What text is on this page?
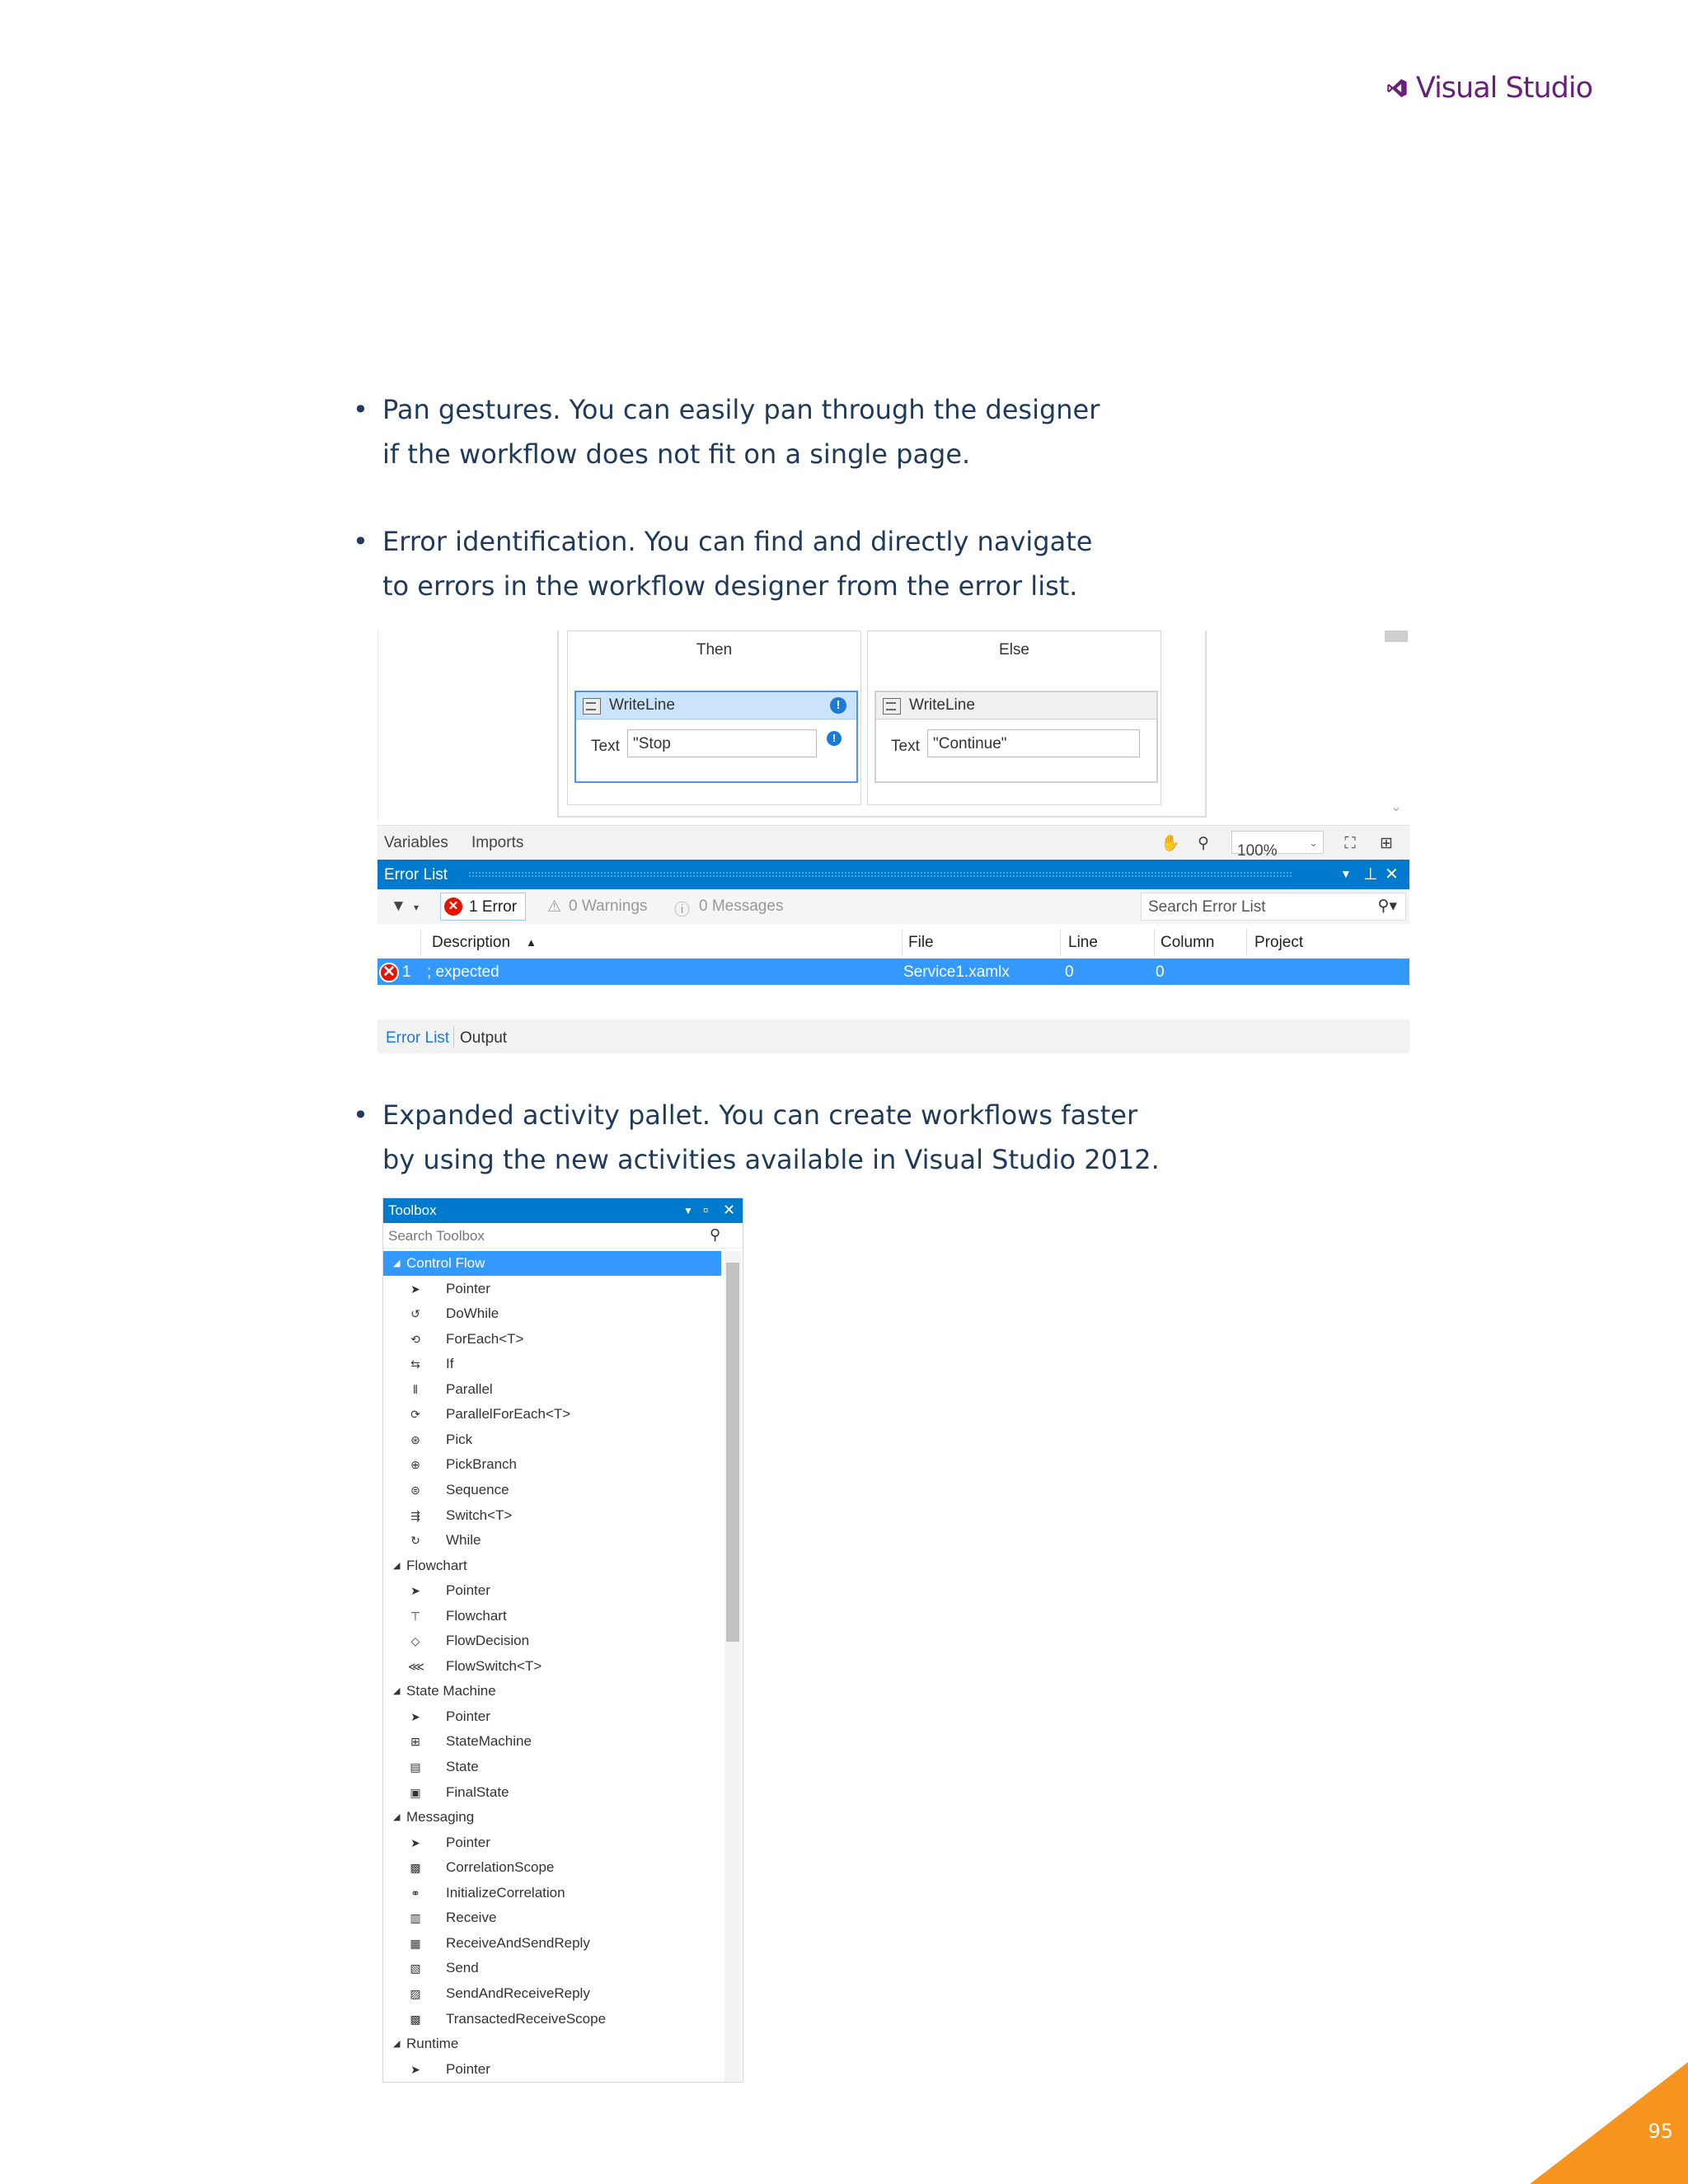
Visual Studio
• Pan gestures. You can easily pan through the designer
if the workflow does not fit on a single page.
• Error identification. You can find and directly navigate
to errors in the workflow designer from the error list.
Then
WriteLine	!
Text "Stop	!
Else
WriteLine
Text "Continue"
⌄
Variables Imports	✋ ⚲ 100%	⌄ ⛶ ⊞
Error List	▼ ⊥ ✕
▼ ▾	✕ 1 Error ⚠ 0 Warnings ⓘ 0 Messages	Search Error List	⚲▾
Description ▲	File	Line	Column	Project
✕ 1 ; expected	Service1.xamlx	0	0
Error List Output
• Expanded activity pallet. You can create workflows faster
by using the new activities available in Visual Studio 2012.
Toolbox	▼ ▫ ✕
Search Toolbox	⚲
◢ Control Flow
➤ Pointer
↺ DoWhile
⟲ ForEach<T>
⇆ If
⫴	Parallel
⟳ ParallelForEach<T>
⊛ Pick
⊕ PickBranch
⊜ Sequence
⇶ Switch<T>
↻ While
◢ Flowchart
➤ Pointer
⊤ Flowchart
◇ FlowDecision
⋘ FlowSwitch<T>
◢ State Machine
➤ Pointer
⊞ StateMachine
▤ State
▣ FinalState
◢ Messaging
➤ Pointer
▩ CorrelationScope
⚭ InitializeCorrelation
▥ Receive
▦ ReceiveAndSendReply
▧ Send
▨ SendAndReceiveReply
▩ TransactedReceiveScope
◢ Runtime
➤ Pointer
95
